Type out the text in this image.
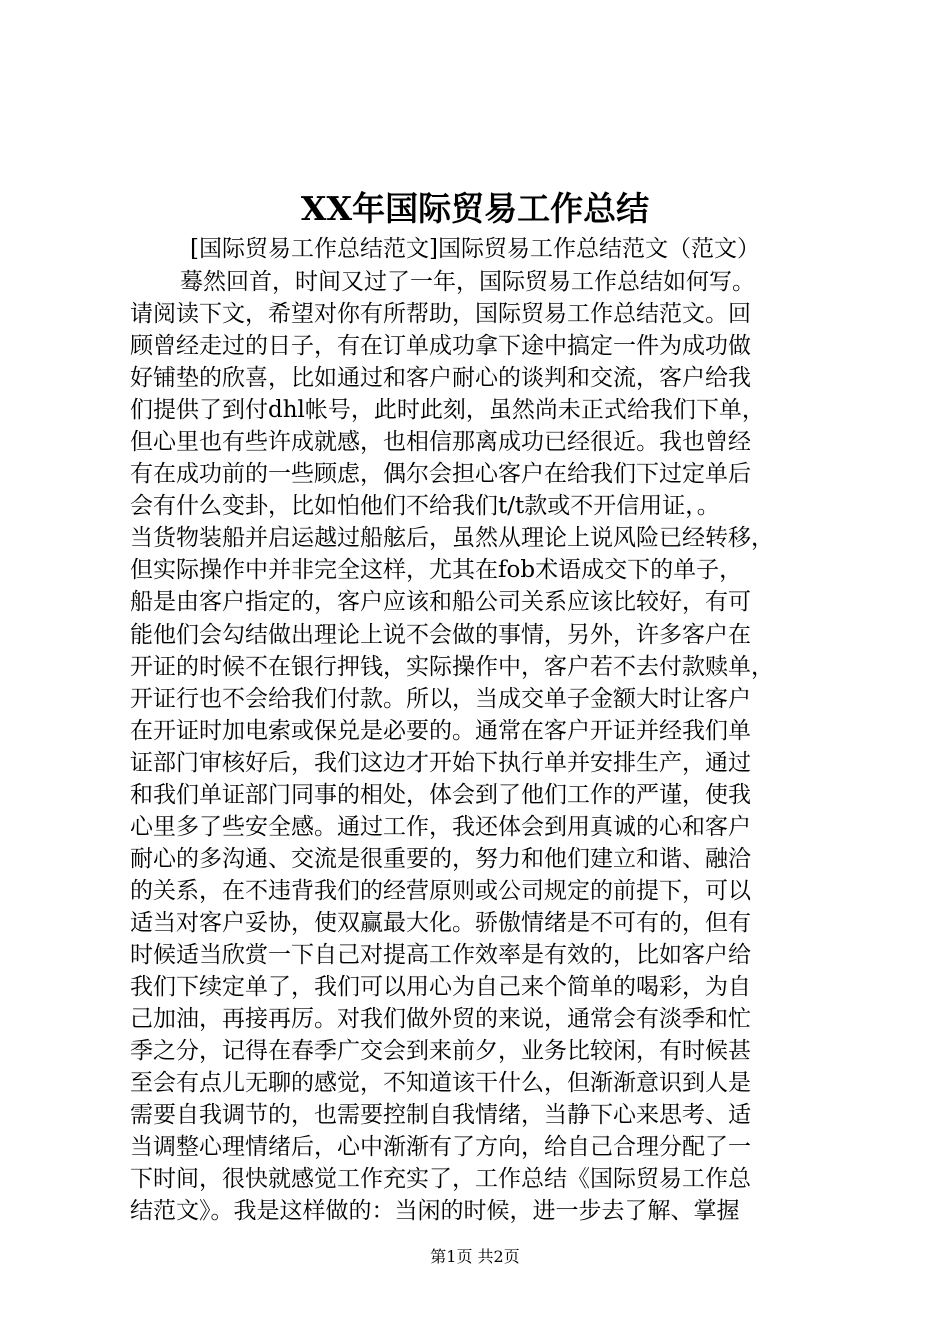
XX年国际贸易工作总结
[国际贸易工作总结范文]国际贸易工作总结范文（范文）
蓦然回首，时间又过了一年，国际贸易工作总结如何写。
请阅读下文，希望对你有所帮助，国际贸易工作总结范文。回
顾曾经走过的日子，有在订单成功拿下途中搞定一件为成功做
好铺垫的欣喜，比如通过和客户耐心的谈判和交流，客户给我
们提供了到付dhl帐号，此时此刻，虽然尚未正式给我们下单，
但心里也有些许成就感，也相信那离成功已经很近。我也曾经
有在成功前的一些顾虑，偶尔会担心客户在给我们下过定单后
会有什么变卦，比如怕他们不给我们t/t款或不开信用证，。
当货物装船并启运越过船舷后，虽然从理论上说风险已经转移，
但实际操作中并非完全这样，尤其在fob术语成交下的单子，
船是由客户指定的，客户应该和船公司关系应该比较好，有可
能他们会勾结做出理论上说不会做的事情，另外，许多客户在
开证的时候不在银行押钱，实际操作中，客户若不去付款赎单，
开证行也不会给我们付款。所以，当成交单子金额大时让客户
在开证时加电索或保兑是必要的。通常在客户开证并经我们单
证部门审核好后，我们这边才开始下执行单并安排生产，通过
和我们单证部门同事的相处，体会到了他们工作的严谨，使我
心里多了些安全感。通过工作，我还体会到用真诚的心和客户
耐心的多沟通、交流是很重要的，努力和他们建立和谐、融洽
的关系，在不违背我们的经营原则或公司规定的前提下，可以
适当对客户妥协，使双赢最大化。骄傲情绪是不可有的，但有
时候适当欣赏一下自己对提高工作效率是有效的，比如客户给
我们下续定单了，我们可以用心为自己来个简单的喝彩，为自
己加油，再接再厉。对我们做外贸的来说，通常会有淡季和忙
季之分，记得在春季广交会到来前夕，业务比较闲，有时候甚
至会有点儿无聊的感觉，不知道该干什么，但渐渐意识到人是
需要自我调节的，也需要控制自我情绪，当静下心来思考、适
当调整心理情绪后，心中渐渐有了方向，给自己合理分配了一
下时间，很快就感觉工作充实了，工作总结《国际贸易工作总
结范文》。我是这样做的：当闲的时候，进一步去了解、掌握
第1页 共2页
